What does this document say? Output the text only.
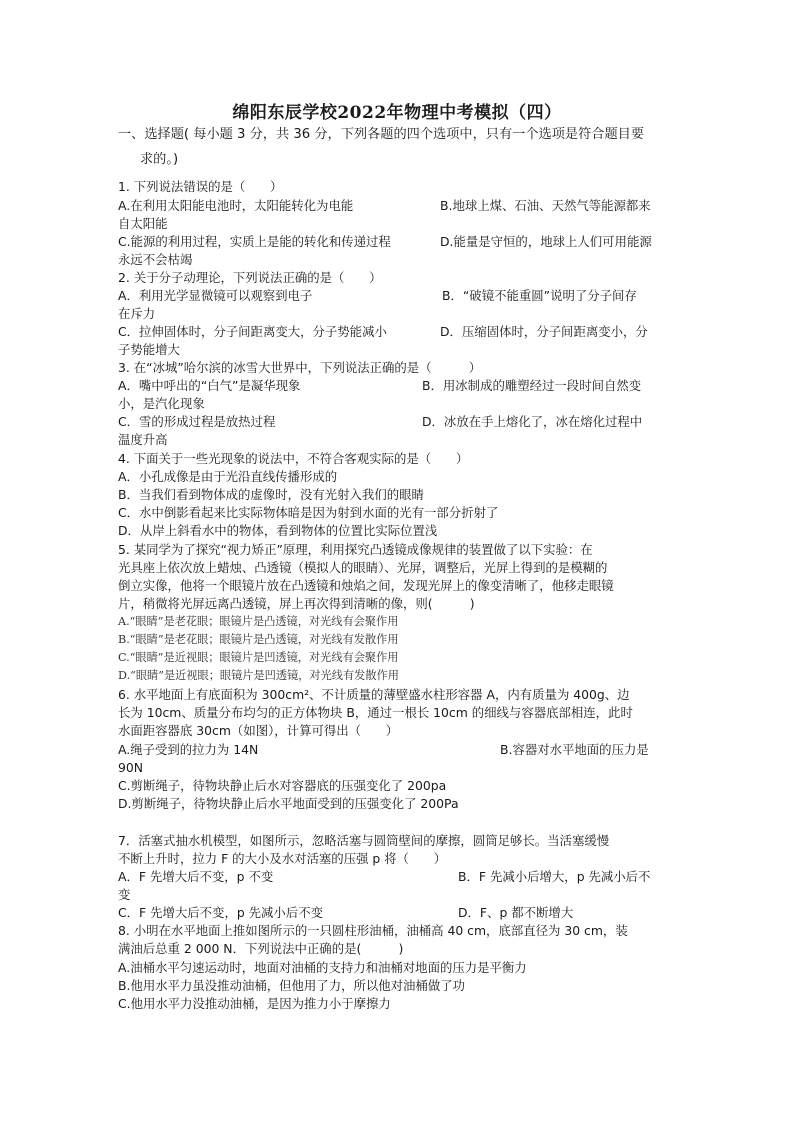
绵阳东辰学校2022年物理中考模拟（四）
一、选择题( 每小题 3 分，共 36 分，下列各题的四个选项中，只有一个选项是符合题目要
求的。)
1. 下列说法错误的是（　　）
A.在利用太阳能电池时，太阳能转化为电能	B.地球上煤、石油、天然气等能源都来
自太阳能
C.能源的利用过程，实质上是能的转化和传递过程	D.能量是守恒的，地球上人们可用能源
永远不会枯竭
2. 关于分子动理论，下列说法正确的是（　　）
A．利用光学显微镜可以观察到电子	B．“破镜不能重圆”说明了分子间存
在斥力
C．拉伸固体时，分子间距离变大，分子势能减小	D．压缩固体时，分子间距离变小，分
子势能增大
3. 在“冰城”哈尔滨的冰雪大世界中，下列说法正确的是（　　　）
A．嘴中呼出的“白气”是凝华现象	B．用冰制成的雕塑经过一段时间自然变
小，是汽化现象
C．雪的形成过程是放热过程	D．冰放在手上熔化了，冰在熔化过程中
温度升高
4. 下面关于一些光现象的说法中，不符合客观实际的是（　　）
A．小孔成像是由于光沿直线传播形成的
B．当我们看到物体成的虚像时，没有光射入我们的眼睛
C．水中倒影看起来比实际物体暗是因为射到水面的光有一部分折射了
D．从岸上斜看水中的物体，看到物体的位置比实际位置浅
5. 某同学为了探究“视力矫正”原理，利用探究凸透镜成像规律的装置做了以下实验：在
光具座上依次放上蜡烛、凸透镜（模拟人的眼睛）、光屏，调整后，光屏上得到的是模糊的
倒立实像，他将一个眼镜片放在凸透镜和烛焰之间，发现光屏上的像变清晰了，他移走眼镜
片，稍微将光屏远离凸透镜，屏上再次得到清晰的像，则(　　　)
A.“眼睛”是老花眼；眼镜片是凸透镜，对光线有会聚作用
B.“眼睛”是老花眼；眼镜片是凸透镜，对光线有发散作用
C.“眼睛”是近视眼；眼镜片是凹透镜，对光线有会聚作用
D.“眼睛”是近视眼；眼镜片是凹透镜，对光线有发散作用
6. 水平地面上有底面积为 300cm²、不计质量的薄壁盛水柱形容器 A，内有质量为 400g、边
长为 10cm、质量分布均匀的正方体物块 B，通过一根长 10cm 的细线与容器底部相连，此时
水面距容器底 30cm（如图），计算可得出（　　）
A.绳子受到的拉力为 14N	B.容器对水平地面的压力是
90N
C.剪断绳子，待物块静止后水对容器底的压强变化了 200pa
D.剪断绳子，待物块静止后水平地面受到的压强变化了 200Pa
7．活塞式抽水机模型，如图所示，忽略活塞与圆筒壁间的摩擦，圆筒足够长。当活塞缓慢
不断上升时，拉力 F 的大小及水对活塞的压强 p 将（　　）
A．F 先增大后不变，p 不变	B．F 先减小后增大，p 先减小后不
变
C．F 先增大后不变，p 先减小后不变	D．F、p 都不断增大
8. 小明在水平地面上推如图所示的一只圆柱形油桶，油桶高 40 cm，底部直径为 30 cm，装
满油后总重 2 000 N．下列说法中正确的是(　　　)
A.油桶水平匀速运动时，地面对油桶的支持力和油桶对地面的压力是平衡力
B.他用水平力虽没推动油桶，但他用了力，所以他对油桶做了功
C.他用水平力没推动油桶，是因为推力小于摩擦力
